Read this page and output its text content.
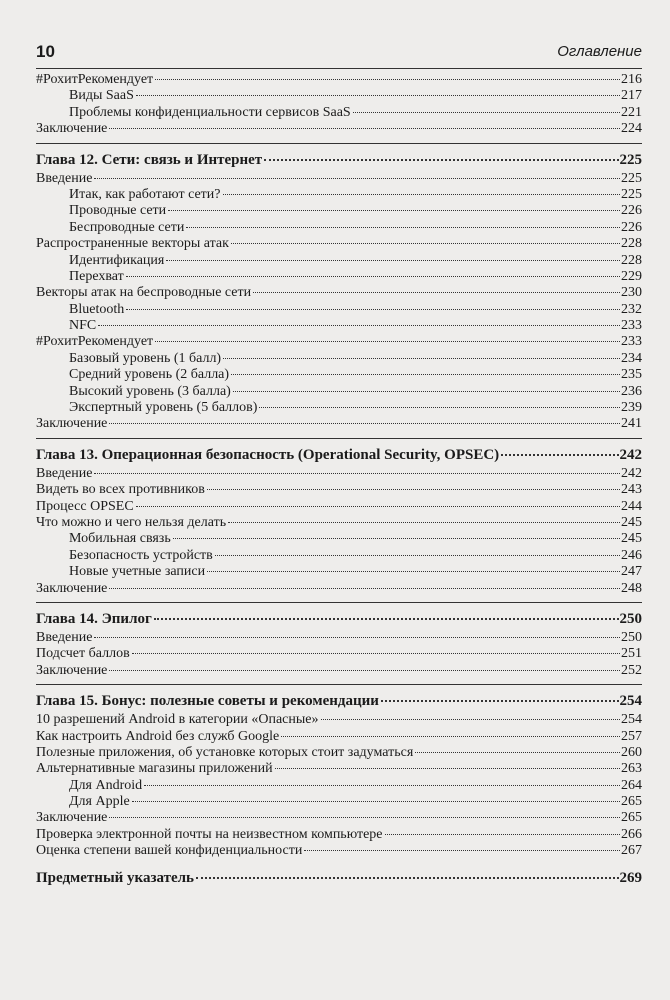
10	Оглавление
#РохитРекомендует	216
Виды SaaS	217
Проблемы конфиденциальности сервисов SaaS	221
Заключение	224
Глава 12. Сети: связь и Интернет	225
Введение	225
Итак, как работают сети?	225
Проводные сети	226
Беспроводные сети	226
Распространенные векторы атак	228
Идентификация	228
Перехват	229
Векторы атак на беспроводные сети	230
Bluetooth	232
NFC	233
#РохитРекомендует	233
Базовый уровень (1 балл)	234
Средний уровень (2 балла)	235
Высокий уровень (3 балла)	236
Экспертный уровень (5 баллов)	239
Заключение	241
Глава 13. Операционная безопасность (Operational Security, OPSEC)	242
Введение	242
Видеть во всех противников	243
Процесс OPSEC	244
Что можно и чего нельзя делать	245
Мобильная связь	245
Безопасность устройств	246
Новые учетные записи	247
Заключение	248
Глава 14. Эпилог	250
Введение	250
Подсчет баллов	251
Заключение	252
Глава 15. Бонус: полезные советы и рекомендации	254
10 разрешений Android в категории «Опасные»	254
Как настроить Android без служб Google	257
Полезные приложения, об установке которых стоит задуматься	260
Альтернативные магазины приложений	263
Для Android	264
Для Apple	265
Заключение	265
Проверка электронной почты на неизвестном компьютере	266
Оценка степени вашей конфиденциальности	267
Предметный указатель	269
